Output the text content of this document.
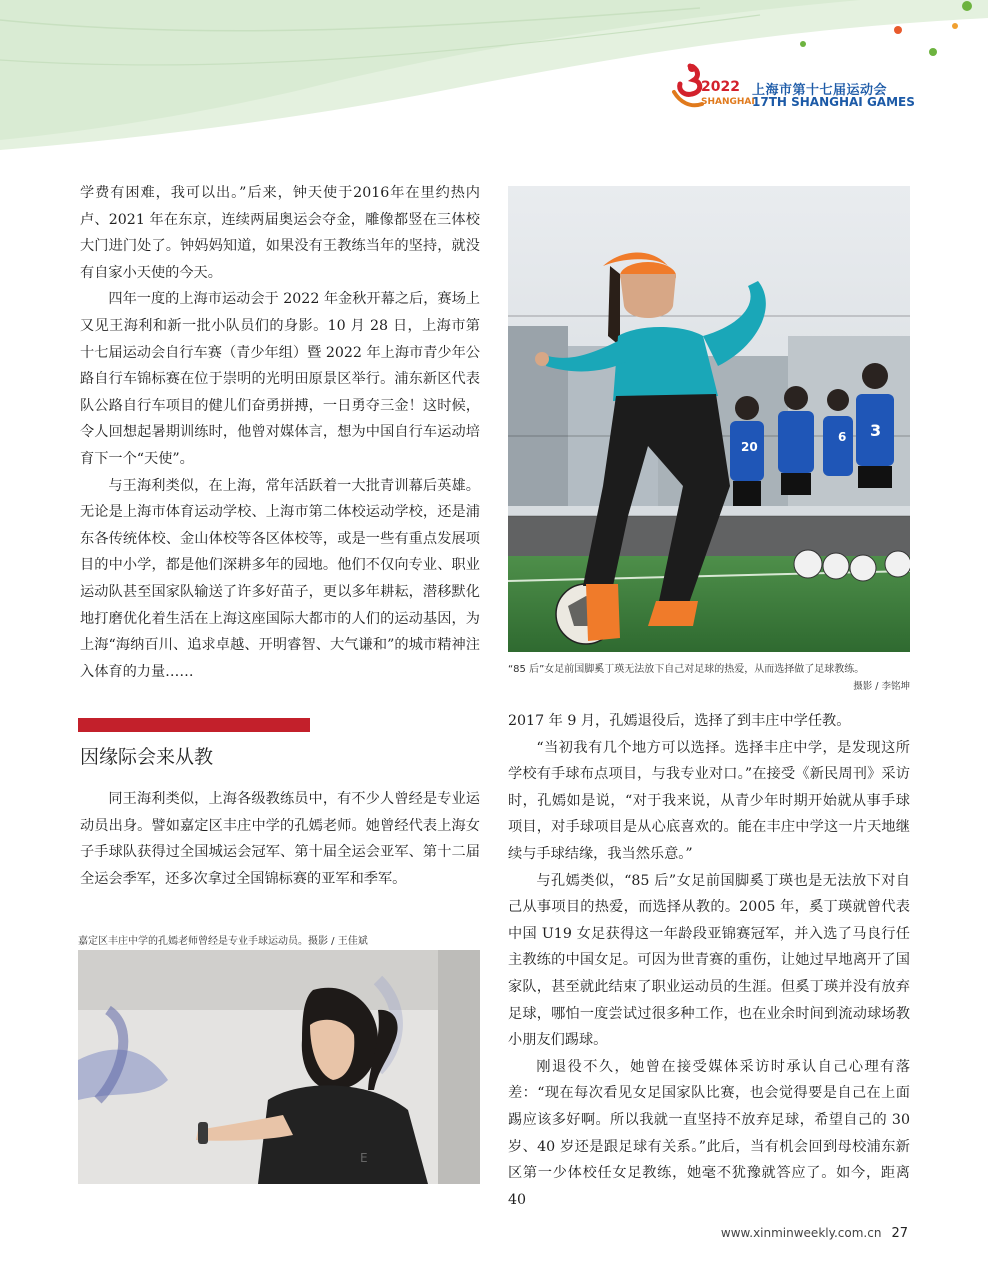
2022
SHANGHAI
上海市第十七届运动会
17TH SHANGHAI GAMES

学费有困难，我可以出。”后来，钟天使于2016年在里约热内卢、2021 年在东京，连续两届奥运会夺金，雕像都竖在三体校大门进门处了。钟妈妈知道，如果没有王教练当年的坚持，就没有自家小天使的今天。

四年一度的上海市运动会于 2022 年金秋开幕之后，赛场上又见王海利和新一批小队员们的身影。10 月 28 日，上海市第十七届运动会自行车赛（青少年组）暨 2022 年上海市青少年公路自行车锦标赛在位于崇明的光明田原景区举行。浦东新区代表队公路自行车项目的健儿们奋勇拼搏，一日勇夺三金！这时候，令人回想起暑期训练时，他曾对媒体言，想为中国自行车运动培育下一个“天使”。

与王海利类似，在上海，常年活跃着一大批青训幕后英雄。无论是上海市体育运动学校、上海市第二体校运动学校，还是浦东各传统体校、金山体校等各区体校等，或是一些有重点发展项目的中小学，都是他们深耕多年的园地。他们不仅向专业、职业运动队甚至国家队输送了许多好苗子，更以多年耕耘，潜移默化地打磨优化着生活在上海这座国际大都市的人们的运动基因，为上海“海纳百川、追求卓越、开明睿智、大气谦和”的城市精神注入体育的力量……

因缘际会来从教

同王海利类似，上海各级教练员中，有不少人曾经是专业运动员出身。譬如嘉定区丰庄中学的孔嫣老师。她曾经代表上海女子手球队获得过全国城运会冠军、第十届全运会亚军、第十二届全运会季军，还多次拿过全国锦标赛的亚军和季军。

20
6 3
“85 后”女足前国脚奚丁瑛无法放下自己对足球的热爱，从而选择做了足球教练。
摄影 / 李铭坤

2017 年 9 月，孔嫣退役后，选择了到丰庄中学任教。

“当初我有几个地方可以选择。选择丰庄中学，是发现这所学校有手球布点项目，与我专业对口。”在接受《新民周刊》采访时，孔嫣如是说，“对于我来说，从青少年时期开始就从事手球项目，对手球项目是从心底喜欢的。能在丰庄中学这一片天地继续与手球结缘，我当然乐意。”

与孔嫣类似，“85 后”女足前国脚奚丁瑛也是无法放下对自己从事项目的热爱，而选择从教的。2005 年，奚丁瑛就曾代表中国 U19 女足获得这一年龄段亚锦赛冠军，并入选了马良行任主教练的中国女足。可因为世青赛的重伤，让她过早地离开了国家队，甚至就此结束了职业运动员的生涯。但奚丁瑛并没有放弃足球，哪怕一度尝试过很多种工作，也在业余时间到流动球场教小朋友们踢球。

刚退役不久，她曾在接受媒体采访时承认自己心理有落差：“现在每次看见女足国家队比赛，也会觉得要是自己在上面踢应该多好啊。所以我就一直坚持不放弃足球，希望自己的 30 岁、40 岁还是跟足球有关系。”此后，当有机会回到母校浦东新区第一少体校任女足教练，她毫不犹豫就答应了。如今，距离 40

嘉定区丰庄中学的孔嫣老师曾经是专业手球运动员。摄影 / 王佳斌
E
www.xinminweekly.com.cn 27
